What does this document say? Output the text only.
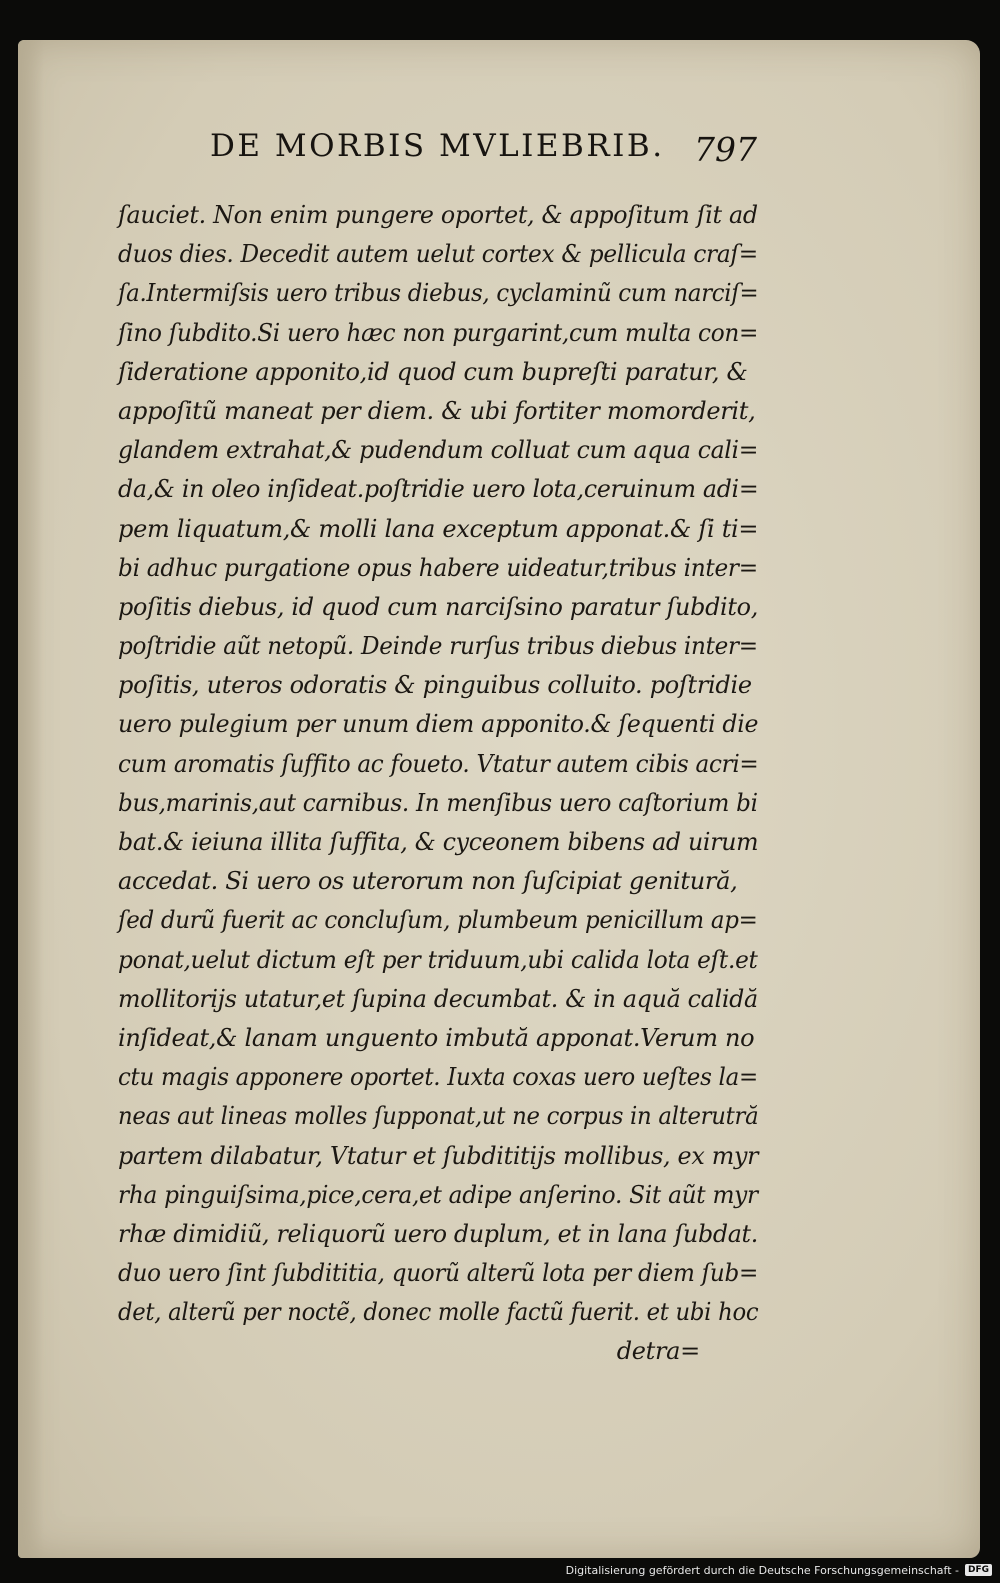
DE MORBIS MVLIEBRIB. 797
ſauciet. Non enim pungere oportet, & appoſitum ſit ad
duos dies. Decedit autem uelut cortex & pellicula craſ=
ſa.Intermiſsis uero tribus diebus, cyclaminũ cum narciſ=
ſino ſubdito.Si uero hæc non purgarint,cum multa con=
ſideratione apponito,id quod cum bupreſti paratur, &
appoſitũ maneat per diem. & ubi fortiter momorderit,
glandem extrahat,& pudendum colluat cum aqua cali=
da,& in oleo inſideat.poſtridie uero lota,ceruinum adi=
pem liquatum,& molli lana exceptum apponat.& ſi ti=
bi adhuc purgatione opus habere uideatur,tribus inter=
poſitis diebus, id quod cum narciſsino paratur ſubdito,
poſtridie aũt netopũ. Deinde rurſus tribus diebus inter=
poſitis, uteros odoratis & pinguibus colluito. poſtridie
uero pulegium per unum diem apponito.& ſequenti die
cum aromatis ſuffito ac foueto. Vtatur autem cibis acri=
bus,marinis,aut carnibus. In menſibus uero caſtorium bi
bat.& ieiuna illita ſuffita, & cyceonem bibens ad uirum
accedat. Si uero os uterorum non ſuſcipiat genitură,
ſed durũ fuerit ac concluſum, plumbeum penicillum ap=
ponat,uelut dictum eſt per triduum,ubi calida lota eſt.et
mollitorijs utatur,et ſupina decumbat. & in aquă calidă
inſideat,& lanam unguento imbută apponat.Verum no
ctu magis apponere oportet. Iuxta coxas uero ueſtes la=
neas aut lineas molles ſupponat,ut ne corpus in alterutră
partem dilabatur, Vtatur et ſubdititijs mollibus, ex myr
rha pinguiſsima,pice,cera,et adipe anſerino. Sit aũt myr
rhæ dimidiũ, reliquorũ uero duplum, et in lana ſubdat.
duo uero ſint ſubdititia, quorũ alterũ lota per diem ſub=
det, alterũ per noctẽ, donec molle factũ fuerit. et ubi hoc
detra=
Digitalisierung gefördert durch die Deutsche Forschungsgemeinschaft -	DFG
